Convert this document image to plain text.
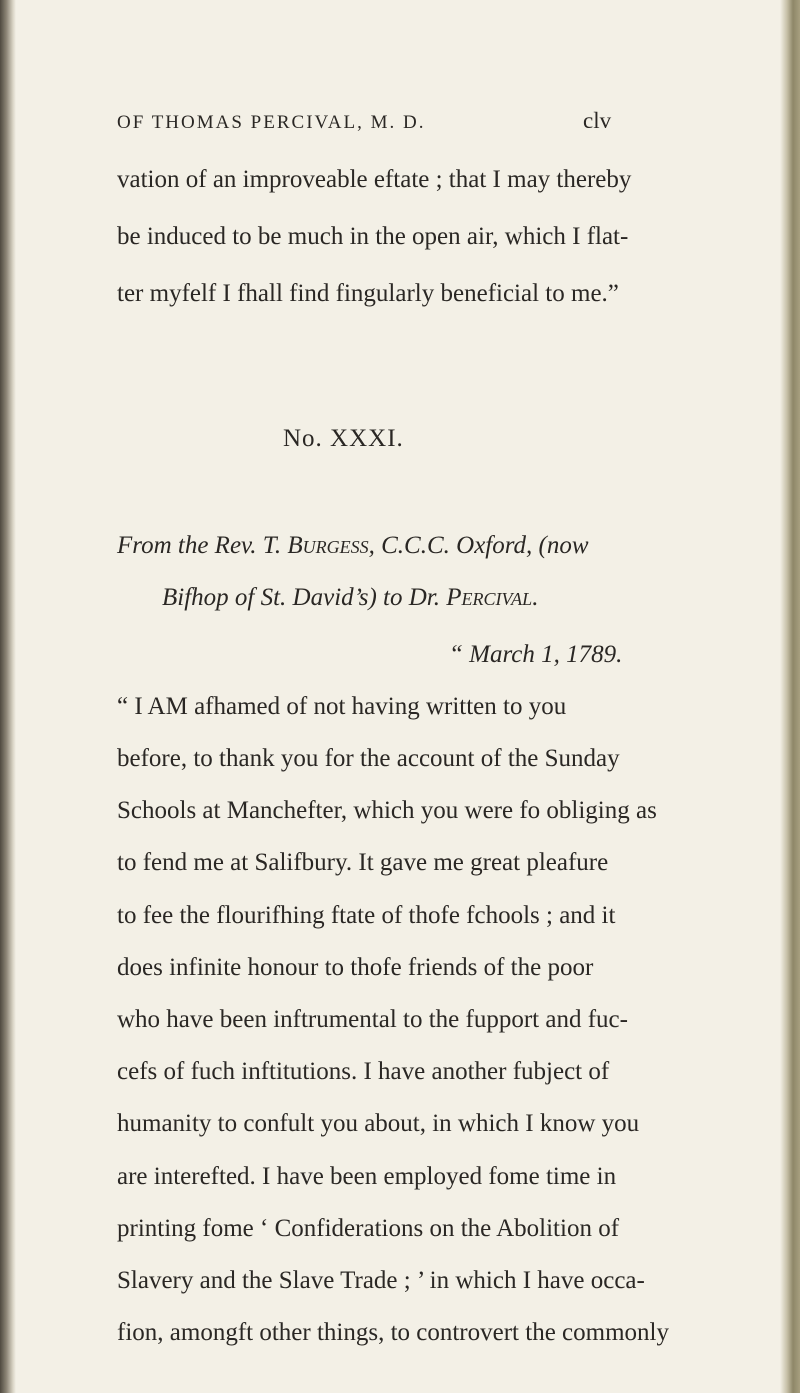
OF THOMAS PERCIVAL, M. D.	clv
vation of an improveable eftate ; that I may thereby
be induced to be much in the open air, which I flat-
ter myfelf I fhall find fingularly beneficial to me.”
No. XXXI.
From the Rev. T. Burgess, C.C.C. Oxford, (now
Bifhop of St. David’s) to Dr. Percival.
“ March 1, 1789.
“ I AM afhamed of not having written to you
before, to thank you for the account of the Sunday
Schools at Manchefter, which you were fo obliging as
to fend me at Salifbury. It gave me great pleafure
to fee the flourifhing ftate of thofe fchools ; and it
does infinite honour to thofe friends of the poor
who have been inftrumental to the fupport and fuc-
cefs of fuch inftitutions. I have another fubject of
humanity to confult you about, in which I know you
are interefted. I have been employed fome time in
printing fome ‘ Confiderations on the Abolition of
Slavery and the Slave Trade ; ’ in which I have occa-
fion, amongft other things, to controvert the commonly
